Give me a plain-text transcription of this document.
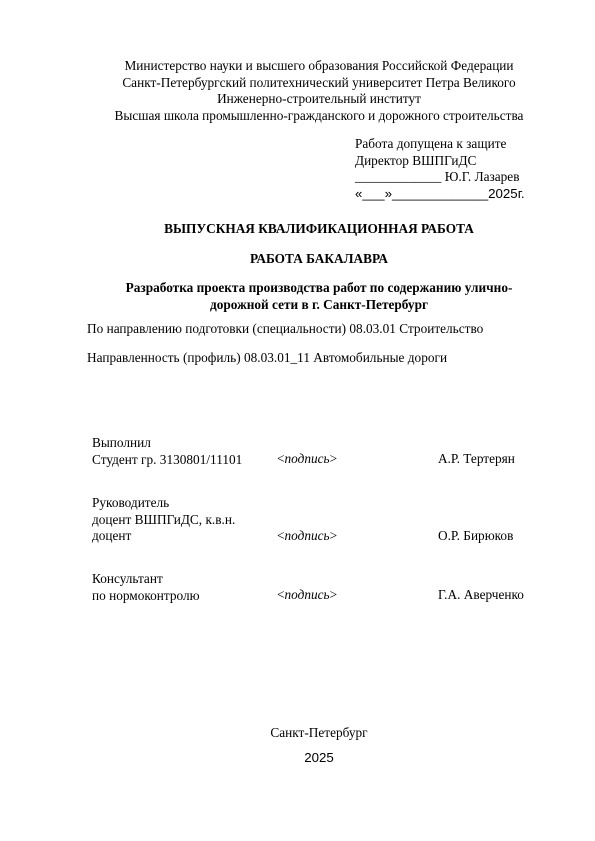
Министерство науки и высшего образования Российской Федерации
Санкт-Петербургский политехнический университет Петра Великого
Инженерно-строительный институт
Высшая школа промышленно-гражданского и дорожного строительства
Работа допущена к защите
Директор ВШПГиДС
_____________ Ю.Г. Лазарев
«___»_____________2025г.
ВЫПУСКНАЯ КВАЛИФИКАЦИОННАЯ РАБОТА
РАБОТА БАКАЛАВРА
Разработка проекта производства работ по содержанию улично-
дорожной сети в г. Санкт-Петербург
По направлению подготовки (специальности) 08.03.01 Строительство
Направленность (профиль) 08.03.01_11 Автомобильные дороги
Выполнил
Студент гр. 3130801/11101	<подпись>	А.Р. Тертерян
Руководитель
доцент ВШПГиДС, к.в.н.
доцент	<подпись>	О.Р. Бирюков
Консультант
по нормоконтролю	<подпись>	Г.А. Аверченко
Санкт-Петербург
2025
